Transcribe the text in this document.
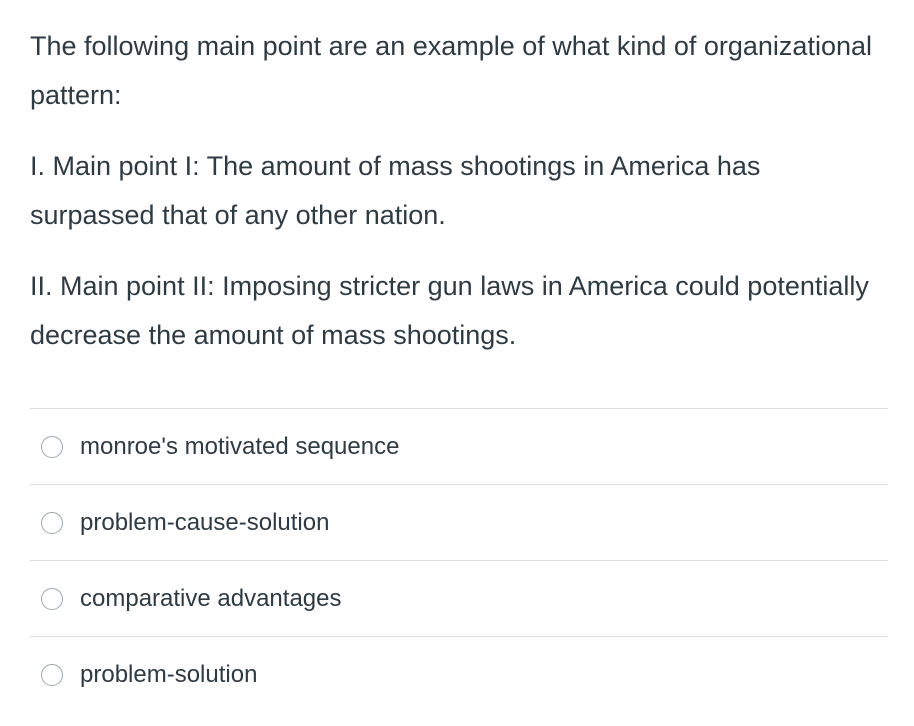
The following main point are an example of what kind of organizational pattern:

I. Main point I: The amount of mass shootings in America has surpassed that of any other nation.

II. Main point II: Imposing stricter gun laws in America could potentially decrease the amount of mass shootings.

monroe's motivated sequence
problem-cause-solution
comparative advantages
problem-solution
